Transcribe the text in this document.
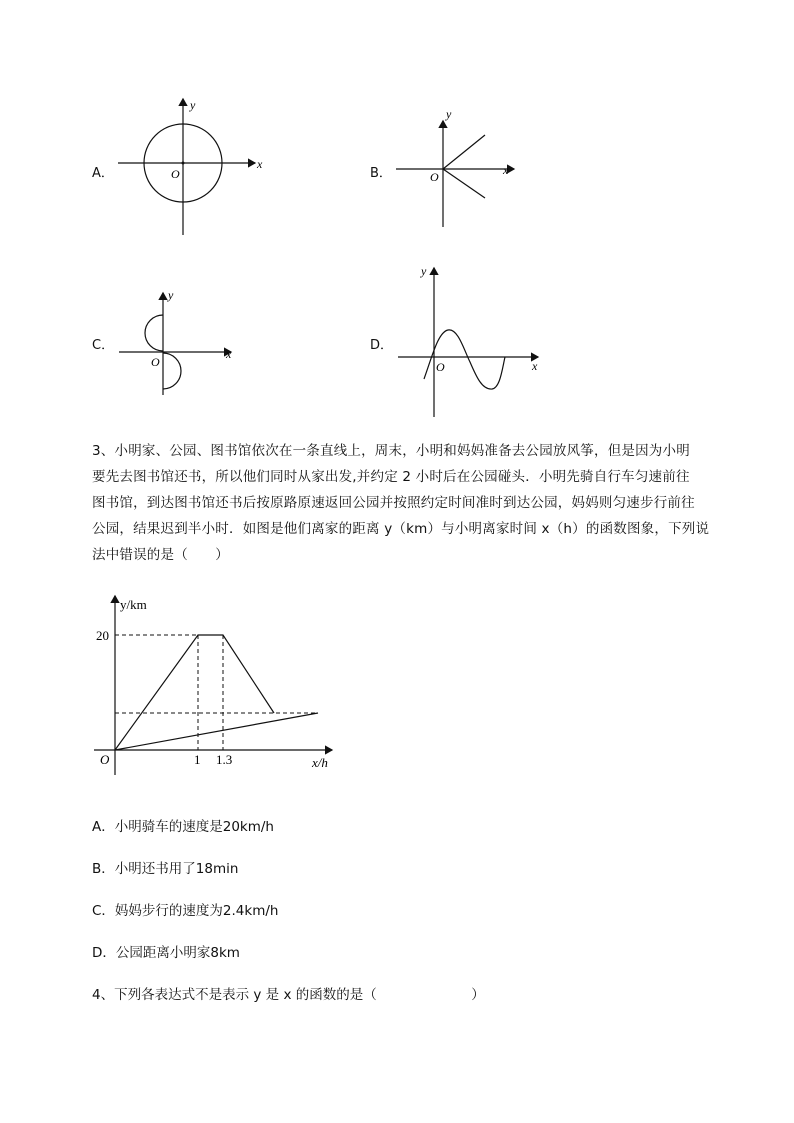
A．
x
y
O	B．	x
y
O
C．
x
y
O
D．
x
y
O
3、小明家、公园、图书馆依次在一条直线上，周末，小明和妈妈准备去公园放风筝，但是因为小明
要先去图书馆还书，所以他们同时从家出发,并约定 2 小时后在公园碰头．小明先骑自行车匀速前往
图书馆，到达图书馆还书后按原路原速返回公园并按照约定时间准时到达公园，妈妈则匀速步行前往
公园，结果迟到半小时．如图是他们离家的距离 y（km）与小明离家时间 x（h）的函数图象，下列说
法中错误的是（　　）
y/km
x/h
20
O	1 1.3
A．小明骑车的速度是20km/h
B．小明还书用了18min
C．妈妈步行的速度为2.4km/h
D．公园距离小明家8km
4、下列各表达式不是表示 y 是 x 的函数的是（　　　　　　　）
